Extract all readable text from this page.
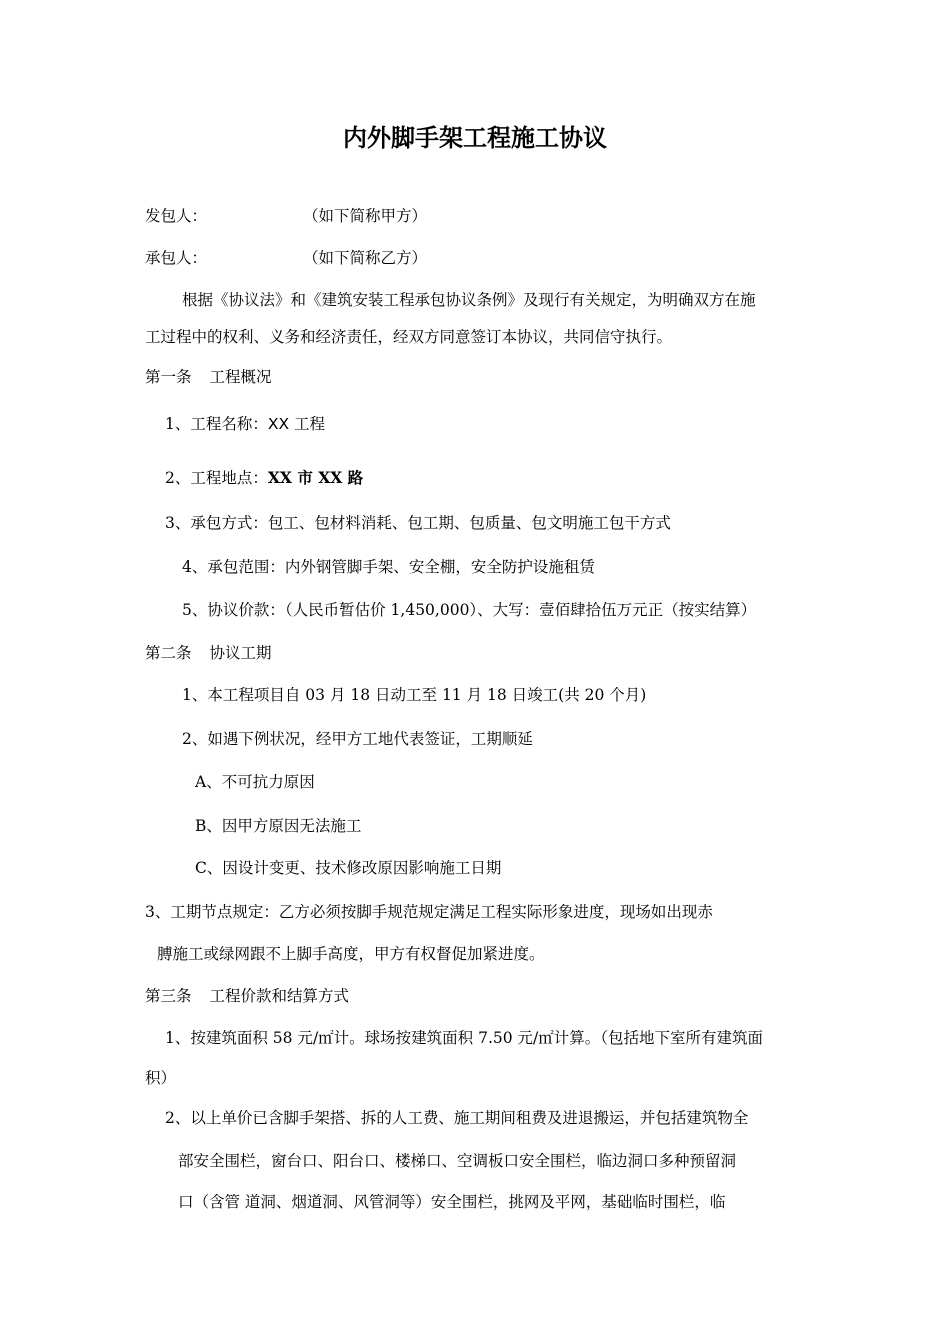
内外脚手架工程施工协议
发包人：	（如下简称甲方）
承包人：	（如下简称乙方）
根据《协议法》和《建筑安装工程承包协议条例》及现行有关规定，为明确双方在施
工过程中的权利、义务和经济责任，经双方同意签订本协议，共同信守执行。
第一条 工程概况
1、工程名称：XX 工程
2、工程地点：XX 市 XX 路
3、承包方式：包工、包材料消耗、包工期、包质量、包文明施工包干方式
4、承包范围：内外钢管脚手架、安全棚，安全防护设施租赁
5、协议价款：（人民币暂估价 1,450,000）、大写：壹佰肆拾伍万元正（按实结算）
第二条 协议工期
1、本工程项目自 03 月 18 日动工至 11 月 18 日竣工(共 20 个月)
2、如遇下例状况，经甲方工地代表签证，工期顺延
A、不可抗力原因
B、因甲方原因无法施工
C、因设计变更、技术修改原因影响施工日期
3、工期节点规定：乙方必须按脚手规范规定满足工程实际形象进度，现场如出现赤
膊施工或绿网跟不上脚手高度，甲方有权督促加紧进度。
第三条 工程价款和结算方式
1、按建筑面积 58 元/㎡计。球场按建筑面积 7.50 元/㎡计算。（包括地下室所有建筑面
积）
2、以上单价已含脚手架搭、拆的人工费、施工期间租费及进退搬运，并包括建筑物全
部安全围栏，窗台口、阳台口、楼梯口、空调板口安全围栏，临边洞口多种预留洞
口（含管 道洞、烟道洞、风管洞等）安全围栏，挑网及平网，基础临时围栏，临
